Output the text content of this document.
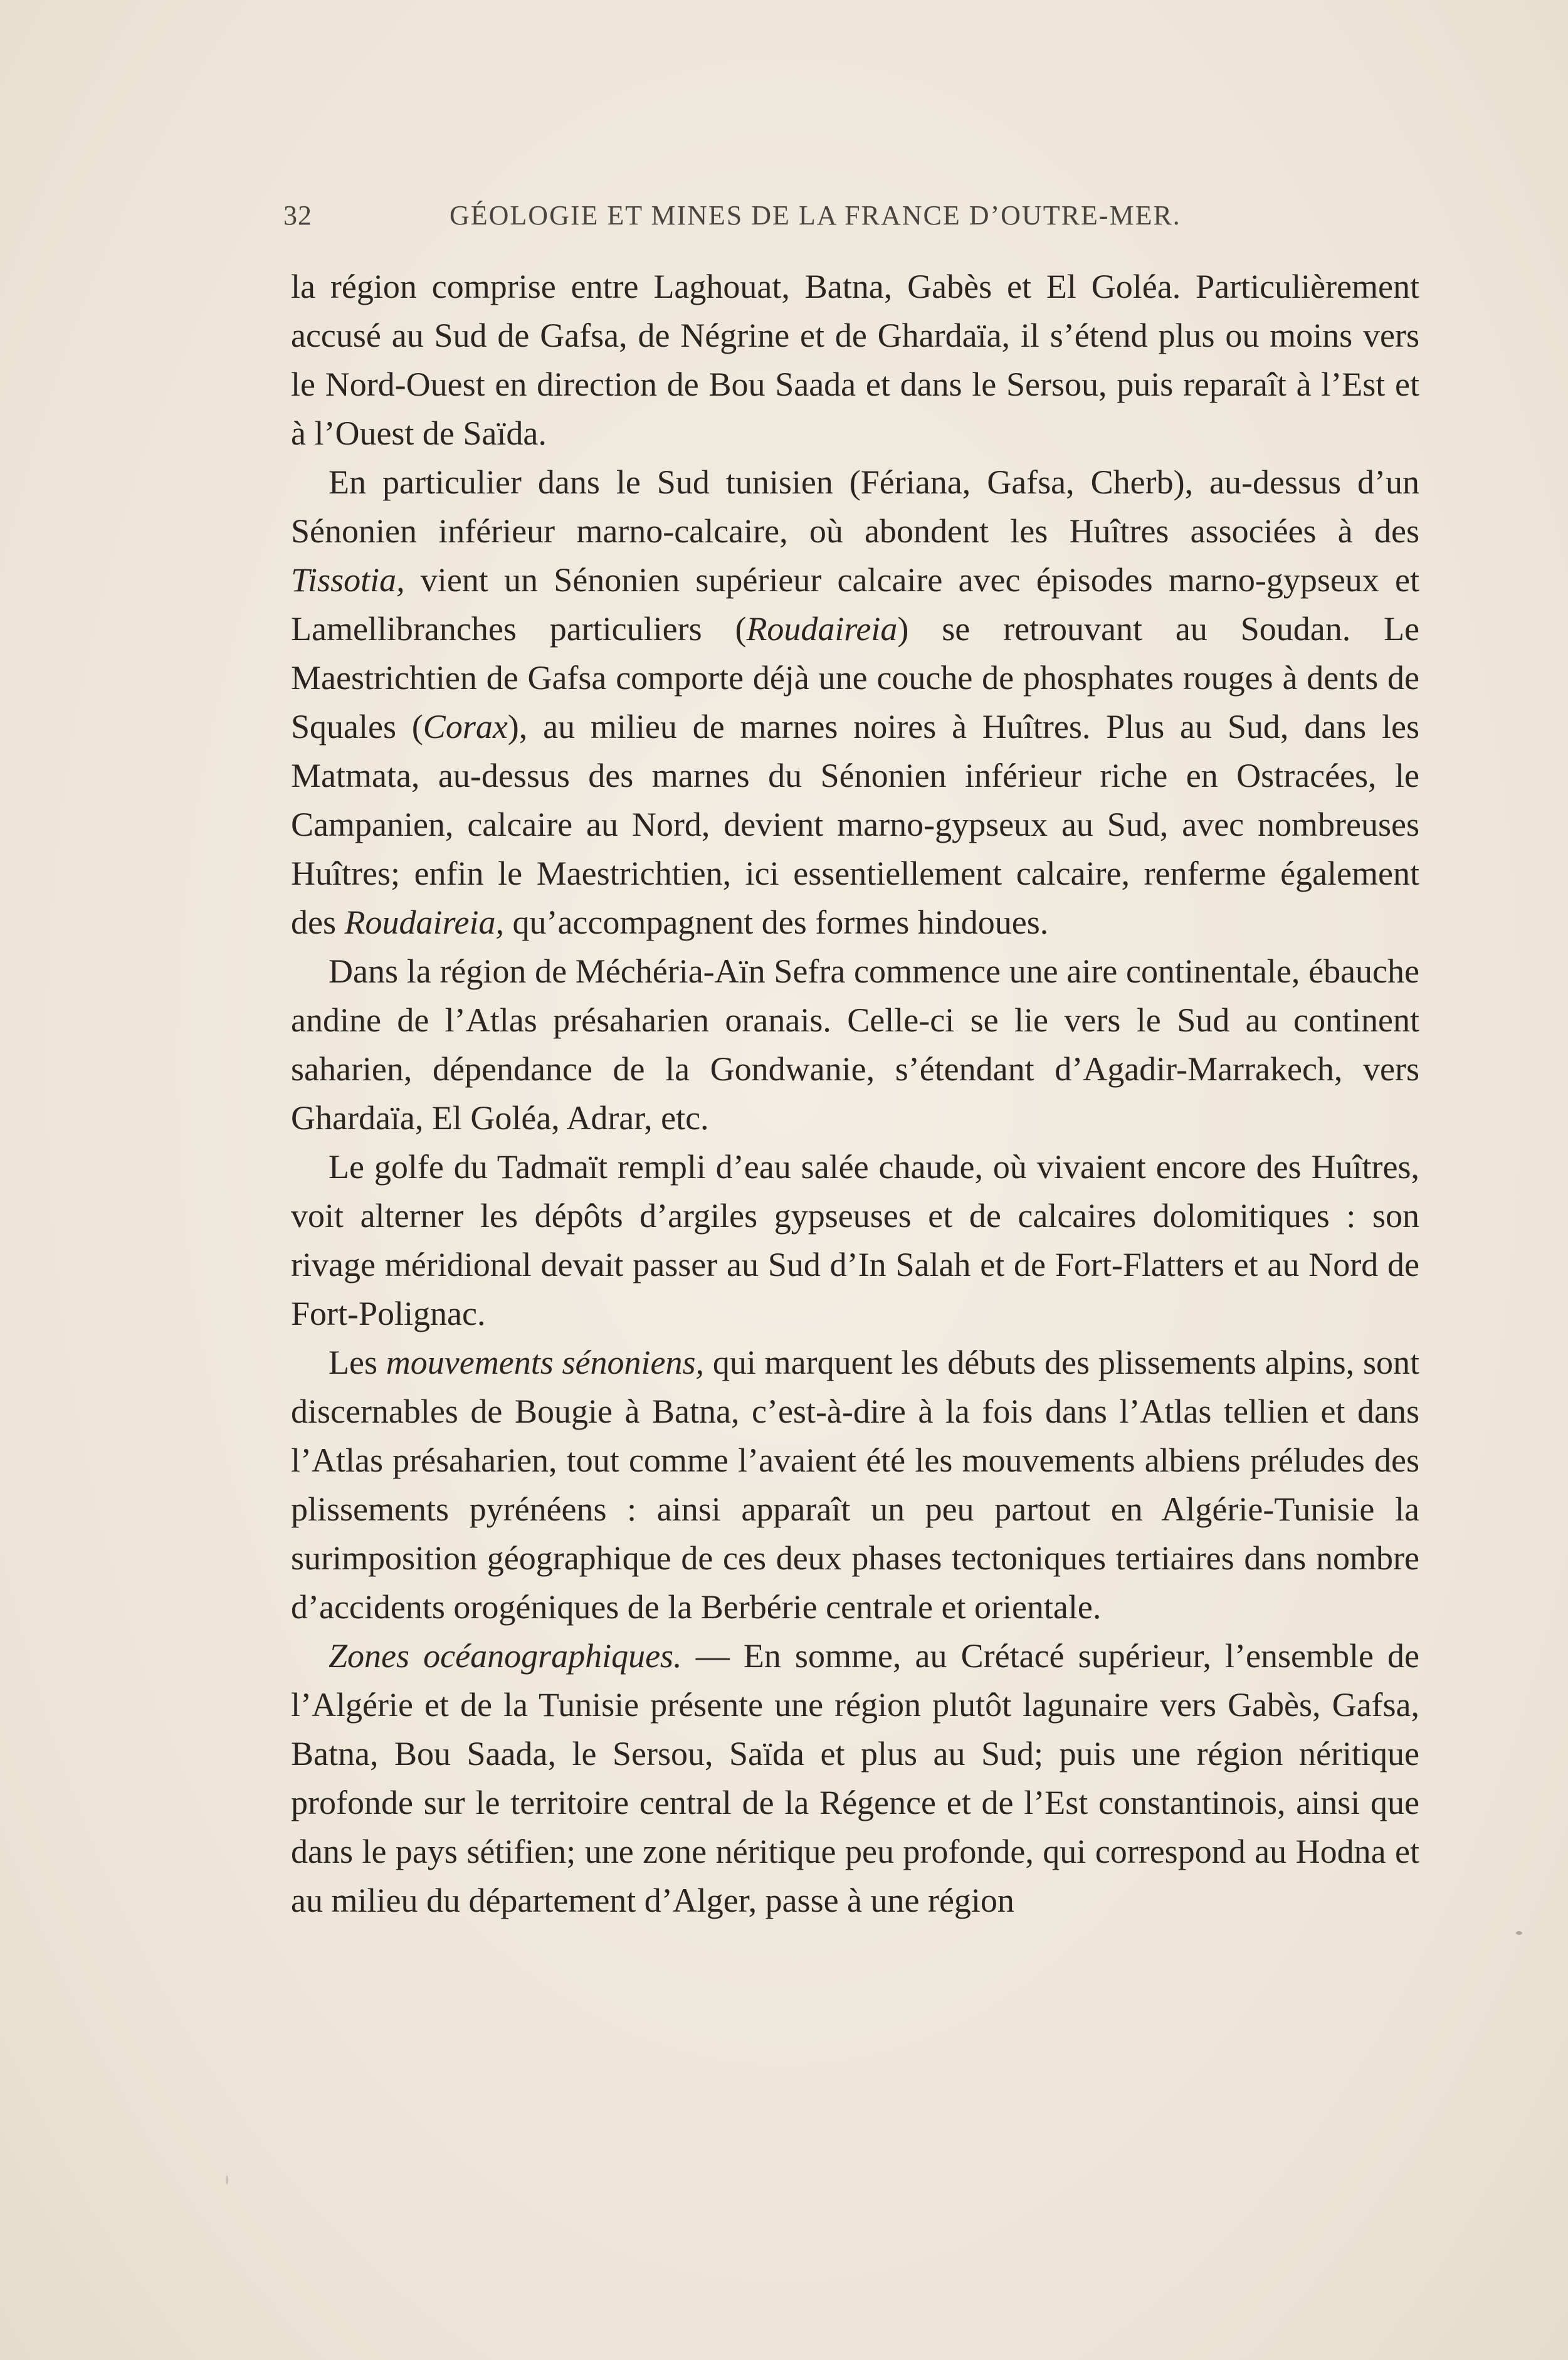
32	GÉOLOGIE ET MINES DE LA FRANCE D’OUTRE-MER.

la région comprise entre Laghouat, Batna, Gabès et El Goléa. Particulièrement accusé au Sud de Gafsa, de Négrine et de Ghardaïa, il s’étend plus ou moins vers le Nord-Ouest en direction de Bou Saada et dans le Sersou, puis reparaît à l’Est et à l’Ouest de Saïda.

En particulier dans le Sud tunisien (Fériana, Gafsa, Cherb), au-dessus d’un Sénonien inférieur marno-calcaire, où abondent les Huîtres associées à des Tissotia, vient un Sénonien supérieur calcaire avec épisodes marno-gypseux et Lamellibranches particuliers (Roudaireia) se retrouvant au Soudan. Le Maestrichtien de Gafsa comporte déjà une couche de phosphates rouges à dents de Squales (Corax), au milieu de marnes noires à Huîtres. Plus au Sud, dans les Matmata, au-dessus des marnes du Sénonien inférieur riche en Ostracées, le Campanien, calcaire au Nord, devient marno-gypseux au Sud, avec nombreuses Huîtres; enfin le Maestrichtien, ici essentiellement calcaire, renferme également des Roudaireia, qu’accompagnent des formes hindoues.

Dans la région de Méchéria-Aïn Sefra commence une aire continentale, ébauche andine de l’Atlas présaharien oranais. Celle-ci se lie vers le Sud au continent saharien, dépendance de la Gondwanie, s’étendant d’Agadir-Marrakech, vers Ghardaïa, El Goléa, Adrar, etc.

Le golfe du Tadmaït rempli d’eau salée chaude, où vivaient encore des Huîtres, voit alterner les dépôts d’argiles gypseuses et de calcaires dolomitiques : son rivage méridional devait passer au Sud d’In Salah et de Fort-Flatters et au Nord de Fort-Polignac.

Les mouvements sénoniens, qui marquent les débuts des plissements alpins, sont discernables de Bougie à Batna, c’est-à-dire à la fois dans l’Atlas tellien et dans l’Atlas présaharien, tout comme l’avaient été les mouvements albiens préludes des plissements pyrénéens : ainsi apparaît un peu partout en Algérie-Tunisie la surimposition géographique de ces deux phases tectoniques tertiaires dans nombre d’accidents orogéniques de la Berbérie centrale et orientale.

Zones océanographiques. — En somme, au Crétacé supérieur, l’ensemble de l’Algérie et de la Tunisie présente une région plutôt lagunaire vers Gabès, Gafsa, Batna, Bou Saada, le Sersou, Saïda et plus au Sud; puis une région néritique profonde sur le territoire central de la Régence et de l’Est constantinois, ainsi que dans le pays sétifien; une zone néritique peu profonde, qui correspond au Hodna et au milieu du département d’Alger, passe à une région
